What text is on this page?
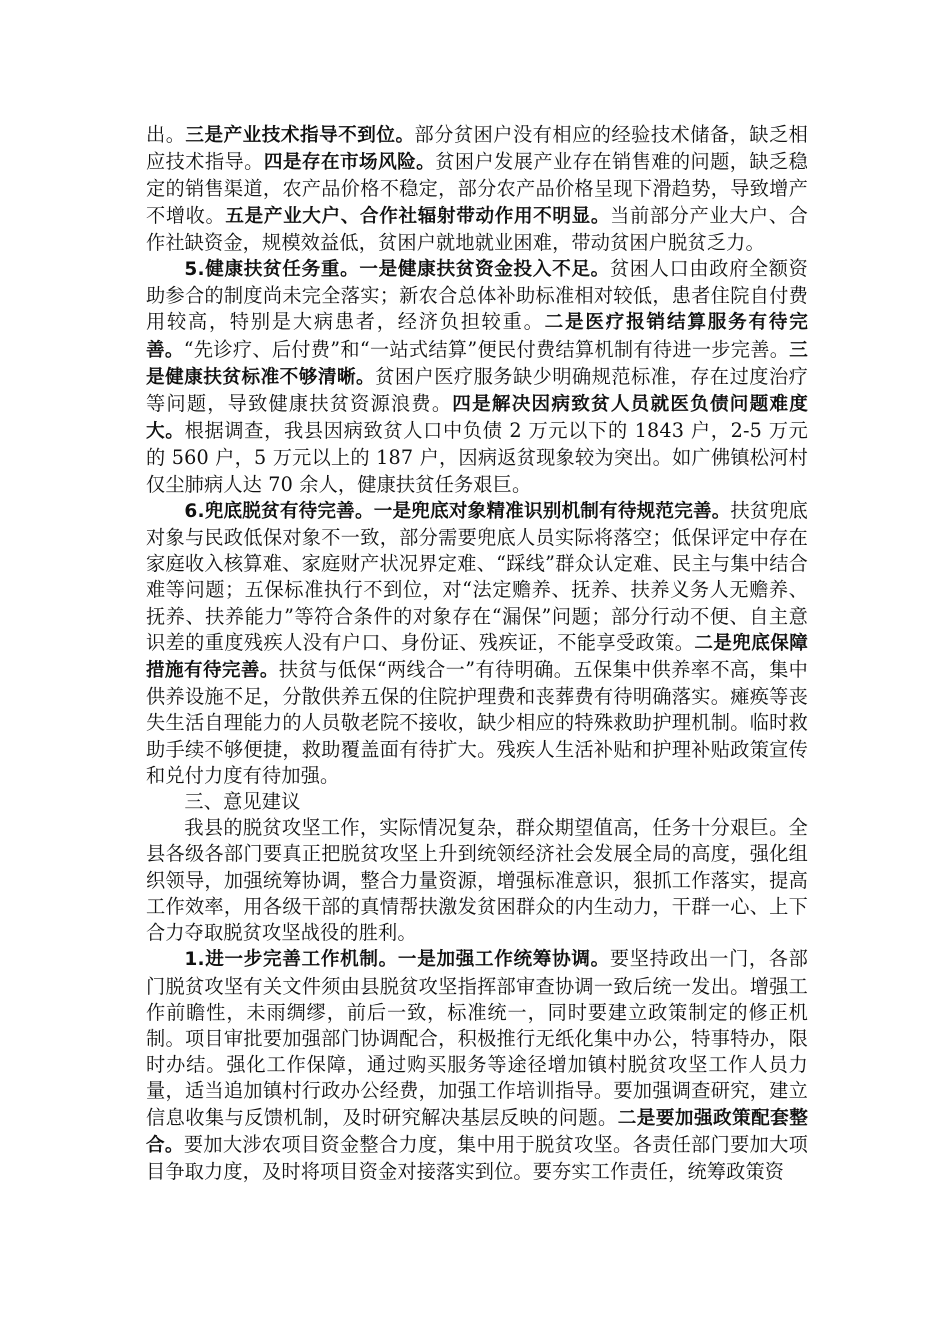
出。三是产业技术指导不到位。部分贫困户没有相应的经验技术储备，缺乏相应技术指导。四是存在市场风险。贫困户发展产业存在销售难的问题，缺乏稳定的销售渠道，农产品价格不稳定，部分农产品价格呈现下滑趋势，导致增产不增收。五是产业大户、合作社辐射带动作用不明显。当前部分产业大户、合作社缺资金，规模效益低，贫困户就地就业困难，带动贫困户脱贫乏力。

5.健康扶贫任务重。一是健康扶贫资金投入不足。贫困人口由政府全额资助参合的制度尚未完全落实；新农合总体补助标准相对较低，患者住院自付费用较高，特别是大病患者，经济负担较重。二是医疗报销结算服务有待完善。“先诊疗、后付费”和“一站式结算”便民付费结算机制有待进一步完善。三是健康扶贫标准不够清晰。贫困户医疗服务缺少明确规范标准，存在过度治疗等问题，导致健康扶贫资源浪费。四是解决因病致贫人员就医负债问题难度大。根据调查，我县因病致贫人口中负债 2 万元以下的 1843 户，2-5 万元的 560 户，5 万元以上的 187 户，因病返贫现象较为突出。如广佛镇松河村仅尘肺病人达 70 余人，健康扶贫任务艰巨。

6.兜底脱贫有待完善。一是兜底对象精准识别机制有待规范完善。扶贫兜底对象与民政低保对象不一致，部分需要兜底人员实际将落空；低保评定中存在家庭收入核算难、家庭财产状况界定难、“踩线”群众认定难、民主与集中结合难等问题；五保标准执行不到位，对“法定赡养、抚养、扶养义务人无赡养、抚养、扶养能力”等符合条件的对象存在“漏保”问题；部分行动不便、自主意识差的重度残疾人没有户口、身份证、残疾证，不能享受政策。二是兜底保障措施有待完善。扶贫与低保“两线合一”有待明确。五保集中供养率不高，集中供养设施不足，分散供养五保的住院护理费和丧葬费有待明确落实。瘫痪等丧失生活自理能力的人员敬老院不接收，缺少相应的特殊救助护理机制。临时救助手续不够便捷，救助覆盖面有待扩大。残疾人生活补贴和护理补贴政策宣传和兑付力度有待加强。

三、意见建议

我县的脱贫攻坚工作，实际情况复杂，群众期望值高，任务十分艰巨。全县各级各部门要真正把脱贫攻坚上升到统领经济社会发展全局的高度，强化组织领导，加强统筹协调，整合力量资源，增强标准意识，狠抓工作落实，提高工作效率，用各级干部的真情帮扶激发贫困群众的内生动力，干群一心、上下合力夺取脱贫攻坚战役的胜利。

1.进一步完善工作机制。一是加强工作统筹协调。要坚持政出一门，各部门脱贫攻坚有关文件须由县脱贫攻坚指挥部审查协调一致后统一发出。增强工作前瞻性，未雨绸缪，前后一致，标准统一，同时要建立政策制定的修正机制。项目审批要加强部门协调配合，积极推行无纸化集中办公，特事特办，限时办结。强化工作保障，通过购买服务等途径增加镇村脱贫攻坚工作人员力量，适当追加镇村行政办公经费，加强工作培训指导。要加强调查研究，建立信息收集与反馈机制，及时研究解决基层反映的问题。二是要加强政策配套整合。要加大涉农项目资金整合力度，集中用于脱贫攻坚。各责任部门要加大项目争取力度，及时将项目资金对接落实到位。要夯实工作责任，统筹政策资
